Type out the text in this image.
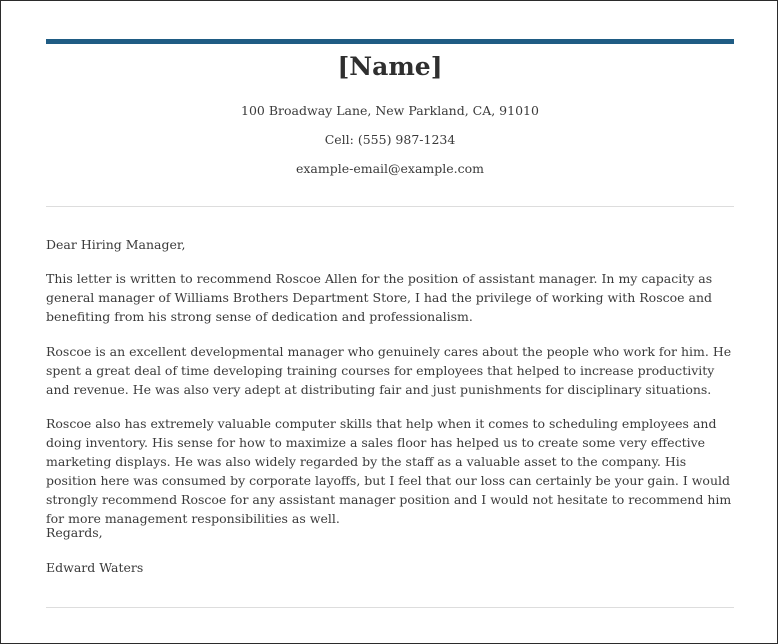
[Name]
100 Broadway Lane, New Parkland, CA, 91010
Cell: (555) 987-1234
example-email@example.com
Dear Hiring Manager,
This letter is written to recommend Roscoe Allen for the position of assistant manager. In my capacity as general manager of Williams Brothers Department Store, I had the privilege of working with Roscoe and benefiting from his strong sense of dedication and professionalism.
Roscoe is an excellent developmental manager who genuinely cares about the people who work for him. He spent a great deal of time developing training courses for employees that helped to increase productivity and revenue. He was also very adept at distributing fair and just punishments for disciplinary situations.
Roscoe also has extremely valuable computer skills that help when it comes to scheduling employees and doing inventory. His sense for how to maximize a sales floor has helped us to create some very effective marketing displays. He was also widely regarded by the staff as a valuable asset to the company. His position here was consumed by corporate layoffs, but I feel that our loss can certainly be your gain. I would strongly recommend Roscoe for any assistant manager position and I would not hesitate to recommend him for more management responsibilities as well.
Regards,
Edward Waters
